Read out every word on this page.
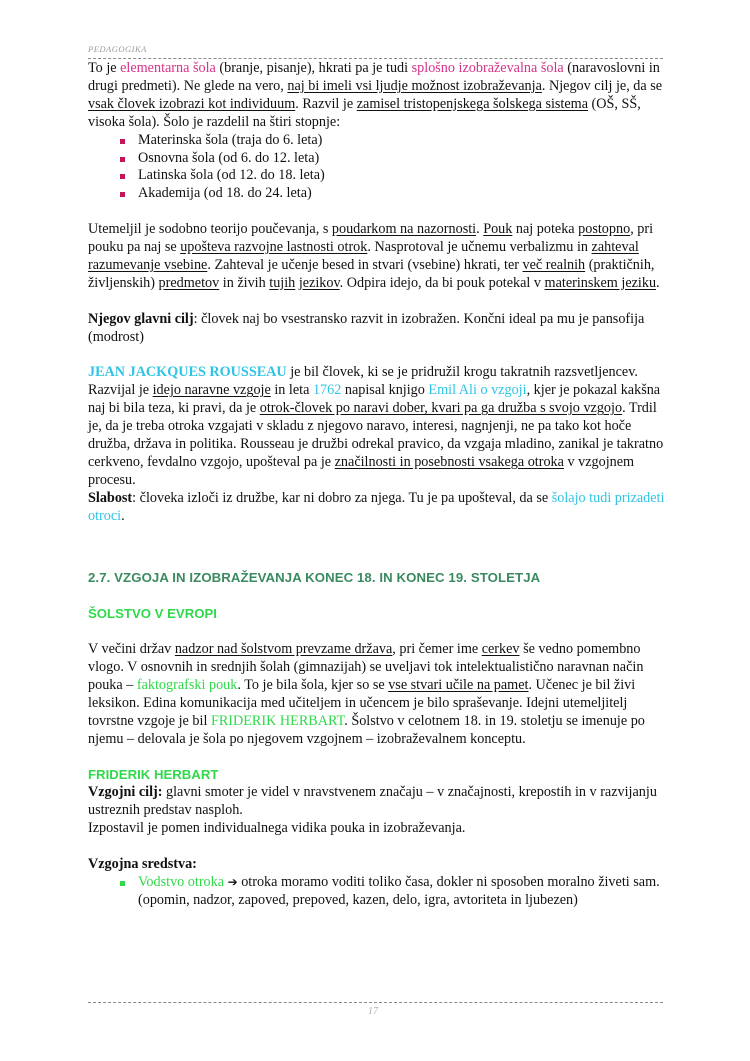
PEDAGOGIKA

To je elementarna šola (branje, pisanje), hkrati pa je tudi splošno izobraževalna šola (naravoslovni in drugi predmeti). Ne glede na vero, naj bi imeli vsi ljudje možnost izobraževanja. Njegov cilj je, da se vsak človek izobrazi kot individuum. Razvil je zamisel tristopenjskega šolskega sistema (OŠ, SŠ, visoka šola). Šolo je razdelil na štiri stopnje:

Materinska šola (traja do 6. leta)
Osnovna šola (od 6. do 12. leta)
Latinska šola (od 12. do 18. leta)
Akademija (od 18. do 24. leta)

Utemeljil je sodobno teorijo poučevanja, s poudarkom na nazornosti. Pouk naj poteka postopno, pri pouku pa naj se upošteva razvojne lastnosti otrok. Nasprotoval je učnemu verbalizmu in zahteval razumevanje vsebine. Zahteval je učenje besed in stvari (vsebine) hkrati, ter več realnih (praktičnih, življenskih) predmetov in živih tujih jezikov. Odpira idejo, da bi pouk potekal v materinskem jeziku.

Njegov glavni cilj: človek naj bo vsestransko razvit in izobražen. Končni ideal pa mu je pansofija (modrost)

JEAN JACKQUES ROUSSEAU je bil človek, ki se je pridružil krogu takratnih razsvetljencev. Razvijal je idejo naravne vzgoje in leta 1762 napisal knjigo Emil Ali o vzgoji, kjer je pokazal kakšna naj bi bila teza, ki pravi, da je otrok-človek po naravi dober, kvari pa ga družba s svojo vzgojo. Trdil je, da je treba otroka vzgajati v skladu z njegovo naravo, interesi, nagnjenji, ne pa tako kot hoče družba, država in politika. Rousseau je družbi odrekal pravico, da vzgaja mladino, zanikal je takratno cerkveno, fevdalno vzgojo, upošteval pa je značilnosti in posebnosti vsakega otroka v vzgojnem procesu.
Slabost: človeka izloči iz družbe, kar ni dobro za njega. Tu je pa upošteval, da se šolajo tudi prizadeti otroci.

2.7. VZGOJA IN IZOBRAŽEVANJA KONEC 18. IN KONEC 19. STOLETJA

ŠOLSTVO V EVROPI

V večini držav nadzor nad šolstvom prevzame država, pri čemer ime cerkev še vedno pomembno vlogo. V osnovnih in srednjih šolah (gimnazijah) se uveljavi tok intelektualistično naravnan način pouka – faktografski pouk. To je bila šola, kjer so se vse stvari učile na pamet. Učenec je bil živi leksikon. Edina komunikacija med učiteljem in učencem je bilo spraševanje. Idejni utemeljitelj tovrstne vzgoje je bil FRIDERIK HERBART. Šolstvo v celotnem 18. in 19. stoletju se imenuje po njemu – delovala je šola po njegovem vzgojnem – izobraževalnem konceptu.

FRIDERIK HERBART

Vzgojni cilj: glavni smoter je videl v nravstvenem značaju – v značajnosti, krepostih in v razvijanju ustreznih predstav nasploh.

Izpostavil je pomen individualnega vidika pouka in izobraževanja.

Vzgojna sredstva:

Vodstvo otroka ➔ otroka moramo voditi toliko časa, dokler ni sposoben moralno živeti sam. (opomin, nadzor, zapoved, prepoved, kazen, delo, igra, avtoriteta in ljubezen)
17
